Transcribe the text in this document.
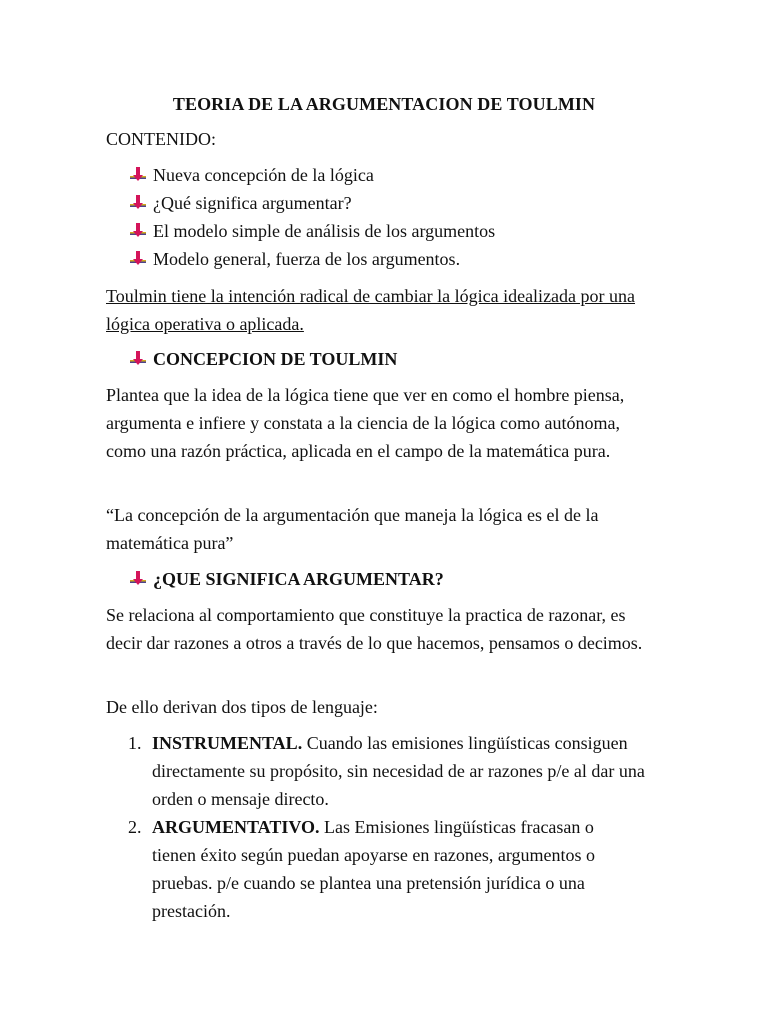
TEORIA DE LA ARGUMENTACION DE TOULMIN
CONTENIDO:
Nueva concepción de la lógica
¿Qué significa argumentar?
El modelo simple de análisis de los argumentos
Modelo general, fuerza de los argumentos.
Toulmin tiene la intención radical de cambiar la lógica idealizada por una lógica operativa o aplicada.
CONCEPCION DE TOULMIN
Plantea que la idea de la lógica tiene que ver en como el hombre piensa, argumenta e infiere y constata a la ciencia de la lógica como autónoma, como una razón práctica, aplicada en el campo de la matemática pura.
“La concepción de la argumentación que maneja la lógica es el de la matemática pura”
¿QUE SIGNIFICA ARGUMENTAR?
Se relaciona al comportamiento que constituye la practica de razonar, es decir dar razones a otros a través de lo que hacemos, pensamos o decimos.
De ello derivan dos tipos de lenguaje:
1. INSTRUMENTAL. Cuando las emisiones lingüísticas consiguen directamente su propósito, sin necesidad de ar razones p/e al dar una orden o mensaje directo.
2. ARGUMENTATIVO. Las Emisiones lingüísticas fracasan o tienen éxito según puedan apoyarse en razones, argumentos o pruebas. p/e cuando se plantea una pretensión jurídica o una prestación.
